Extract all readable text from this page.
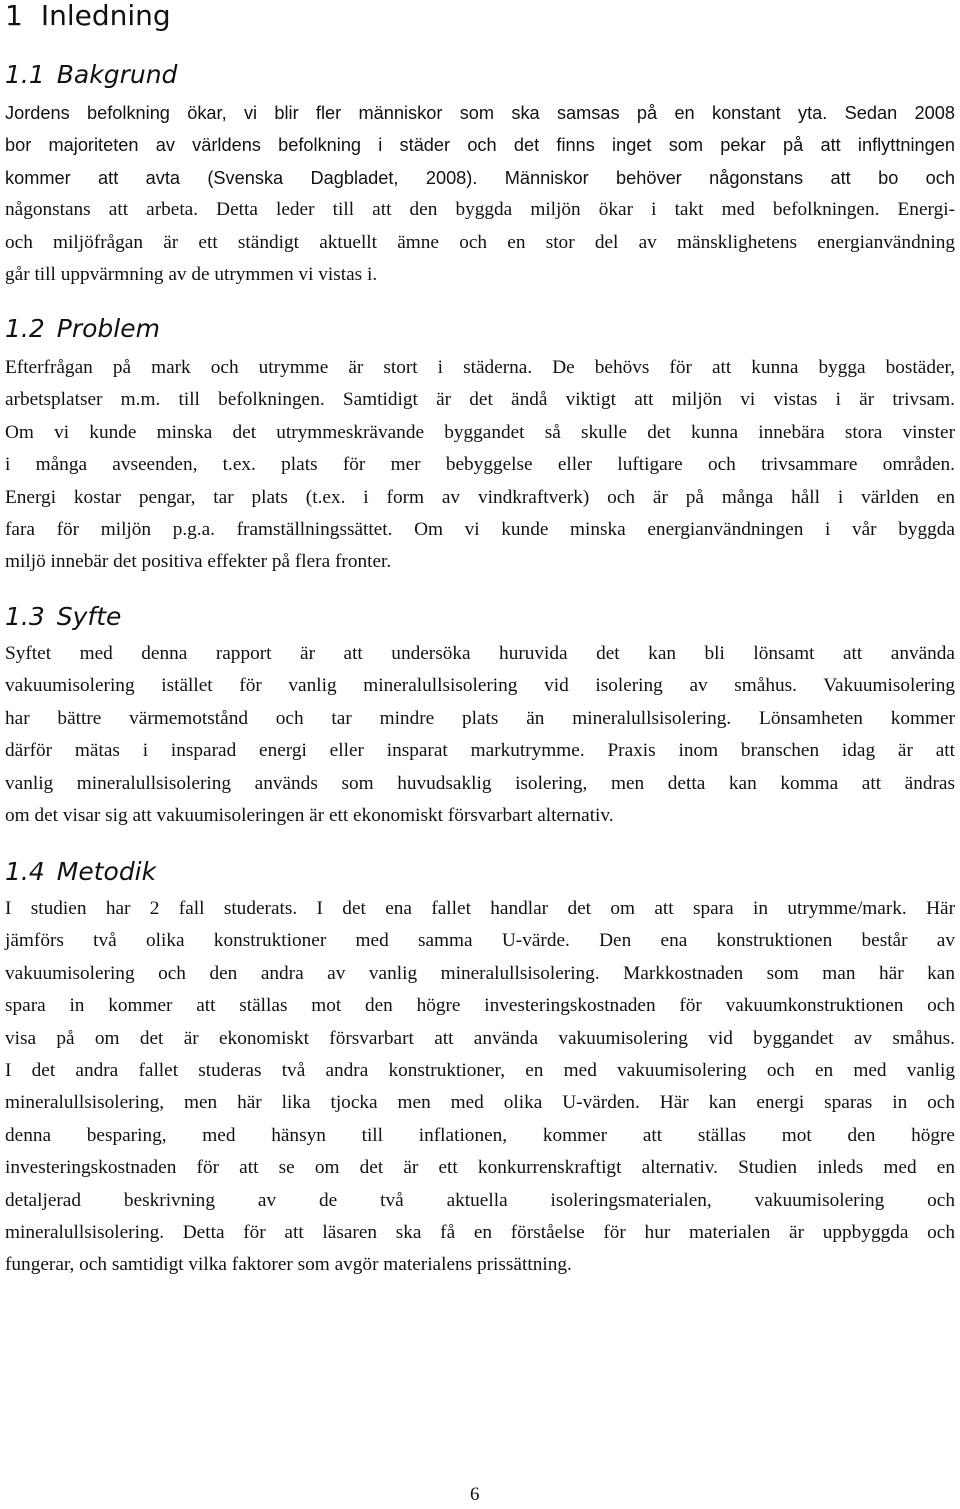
1 Inledning
1.1 Bakgrund
Jordens befolkning ökar, vi blir fler människor som ska samsas på en konstant yta. Sedan 2008
bor majoriteten av världens befolkning i städer och det finns inget som pekar på att inflyttningen
kommer att avta (Svenska Dagbladet, 2008). Människor behöver någonstans att bo och
någonstans att arbeta. Detta leder till att den byggda miljön ökar i takt med befolkningen. Energi-
och miljöfrågan är ett ständigt aktuellt ämne och en stor del av mänsklighetens energianvändning
går till uppvärmning av de utrymmen vi vistas i.
1.2 Problem
Efterfrågan på mark och utrymme är stort i städerna. De behövs för att kunna bygga bostäder,
arbetsplatser m.m. till befolkningen. Samtidigt är det ändå viktigt att miljön vi vistas i är trivsam.
Om vi kunde minska det utrymmeskrävande byggandet så skulle det kunna innebära stora vinster
i många avseenden, t.ex. plats för mer bebyggelse eller luftigare och trivsammare områden.
Energi kostar pengar, tar plats (t.ex. i form av vindkraftverk) och är på många håll i världen en
fara för miljön p.g.a. framställningssättet. Om vi kunde minska energianvändningen i vår byggda
miljö innebär det positiva effekter på flera fronter.
1.3 Syfte
Syftet med denna rapport är att undersöka huruvida det kan bli lönsamt att använda
vakuumisolering istället för vanlig mineralullsisolering vid isolering av småhus. Vakuumisolering
har bättre värmemotstånd och tar mindre plats än mineralullsisolering. Lönsamheten kommer
därför mätas i insparad energi eller insparat markutrymme. Praxis inom branschen idag är att
vanlig mineralullsisolering används som huvudsaklig isolering, men detta kan komma att ändras
om det visar sig att vakuumisoleringen är ett ekonomiskt försvarbart alternativ.
1.4 Metodik
I studien har 2 fall studerats. I det ena fallet handlar det om att spara in utrymme/mark. Här
jämförs två olika konstruktioner med samma U-värde. Den ena konstruktionen består av
vakuumisolering och den andra av vanlig mineralullsisolering. Markkostnaden som man här kan
spara in kommer att ställas mot den högre investeringskostnaden för vakuumkonstruktionen och
visa på om det är ekonomiskt försvarbart att använda vakuumisolering vid byggandet av småhus.
I det andra fallet studeras två andra konstruktioner, en med vakuumisolering och en med vanlig
mineralullsisolering, men här lika tjocka men med olika U-värden. Här kan energi sparas in och
denna besparing, med hänsyn till inflationen, kommer att ställas mot den högre
investeringskostnaden för att se om det är ett konkurrenskraftigt alternativ. Studien inleds med en
detaljerad beskrivning av de två aktuella isoleringsmaterialen, vakuumisolering och
mineralullsisolering. Detta för att läsaren ska få en förståelse för hur materialen är uppbyggda och
fungerar, och samtidigt vilka faktorer som avgör materialens prissättning.

6
